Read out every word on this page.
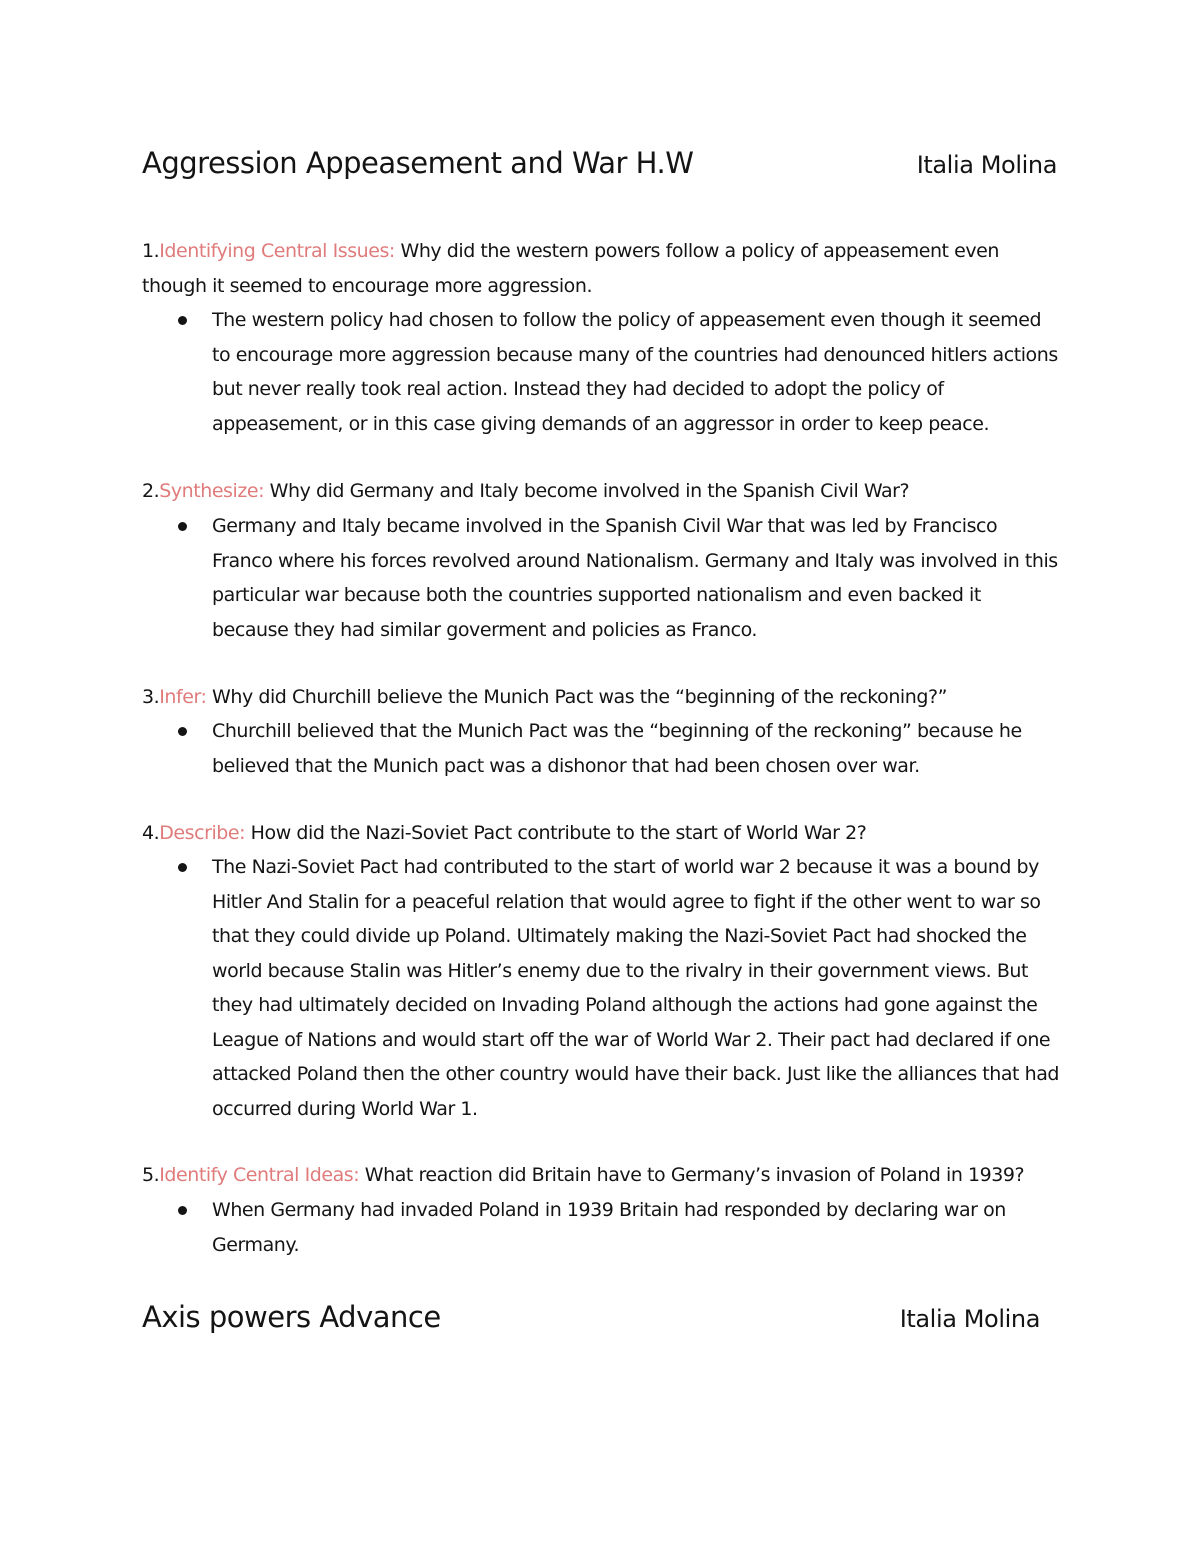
Aggression Appeasement and War H.W	Italia Molina
1.Identifying Central Issues: Why did the western powers follow a policy of appeasement even though it seemed to encourage more aggression.
The western policy had chosen to follow the policy of appeasement even though it seemed to encourage more aggression because many of the countries had denounced hitlers actions but never really took real action. Instead they had decided to adopt the policy of appeasement, or in this case giving demands of an aggressor in order to keep peace.
2.Synthesize: Why did Germany and Italy become involved in the Spanish Civil War?
Germany and Italy became involved in the Spanish Civil War that was led by Francisco Franco where his forces revolved around Nationalism. Germany and Italy was involved in this particular war because both the countries supported nationalism and even backed it because they had similar goverment and policies as Franco.
3.Infer: Why did Churchill believe the Munich Pact was the “beginning of the reckoning?”
Churchill believed that the Munich Pact was the “beginning of the reckoning” because he believed that the Munich pact was a dishonor that had been chosen over war.
4.Describe: How did the Nazi-Soviet Pact contribute to the start of World War 2?
The Nazi-Soviet Pact had contributed to the start of world war 2 because it was a bound by Hitler And Stalin for a peaceful relation that would agree to fight if the other went to war so that they could divide up Poland. Ultimately making the Nazi-Soviet Pact had shocked the world because Stalin was Hitler’s enemy due to the rivalry in their government views. But they had ultimately decided on Invading Poland although the actions had gone against the League of Nations and would start off the war of World War 2. Their pact had declared if one attacked Poland then the other country would have their back. Just like the alliances that had occurred during World War 1.
5.Identify Central Ideas: What reaction did Britain have to Germany’s invasion of Poland in 1939?
When Germany had invaded Poland in 1939 Britain had responded by declaring war on Germany.
Axis powers Advance	Italia Molina
